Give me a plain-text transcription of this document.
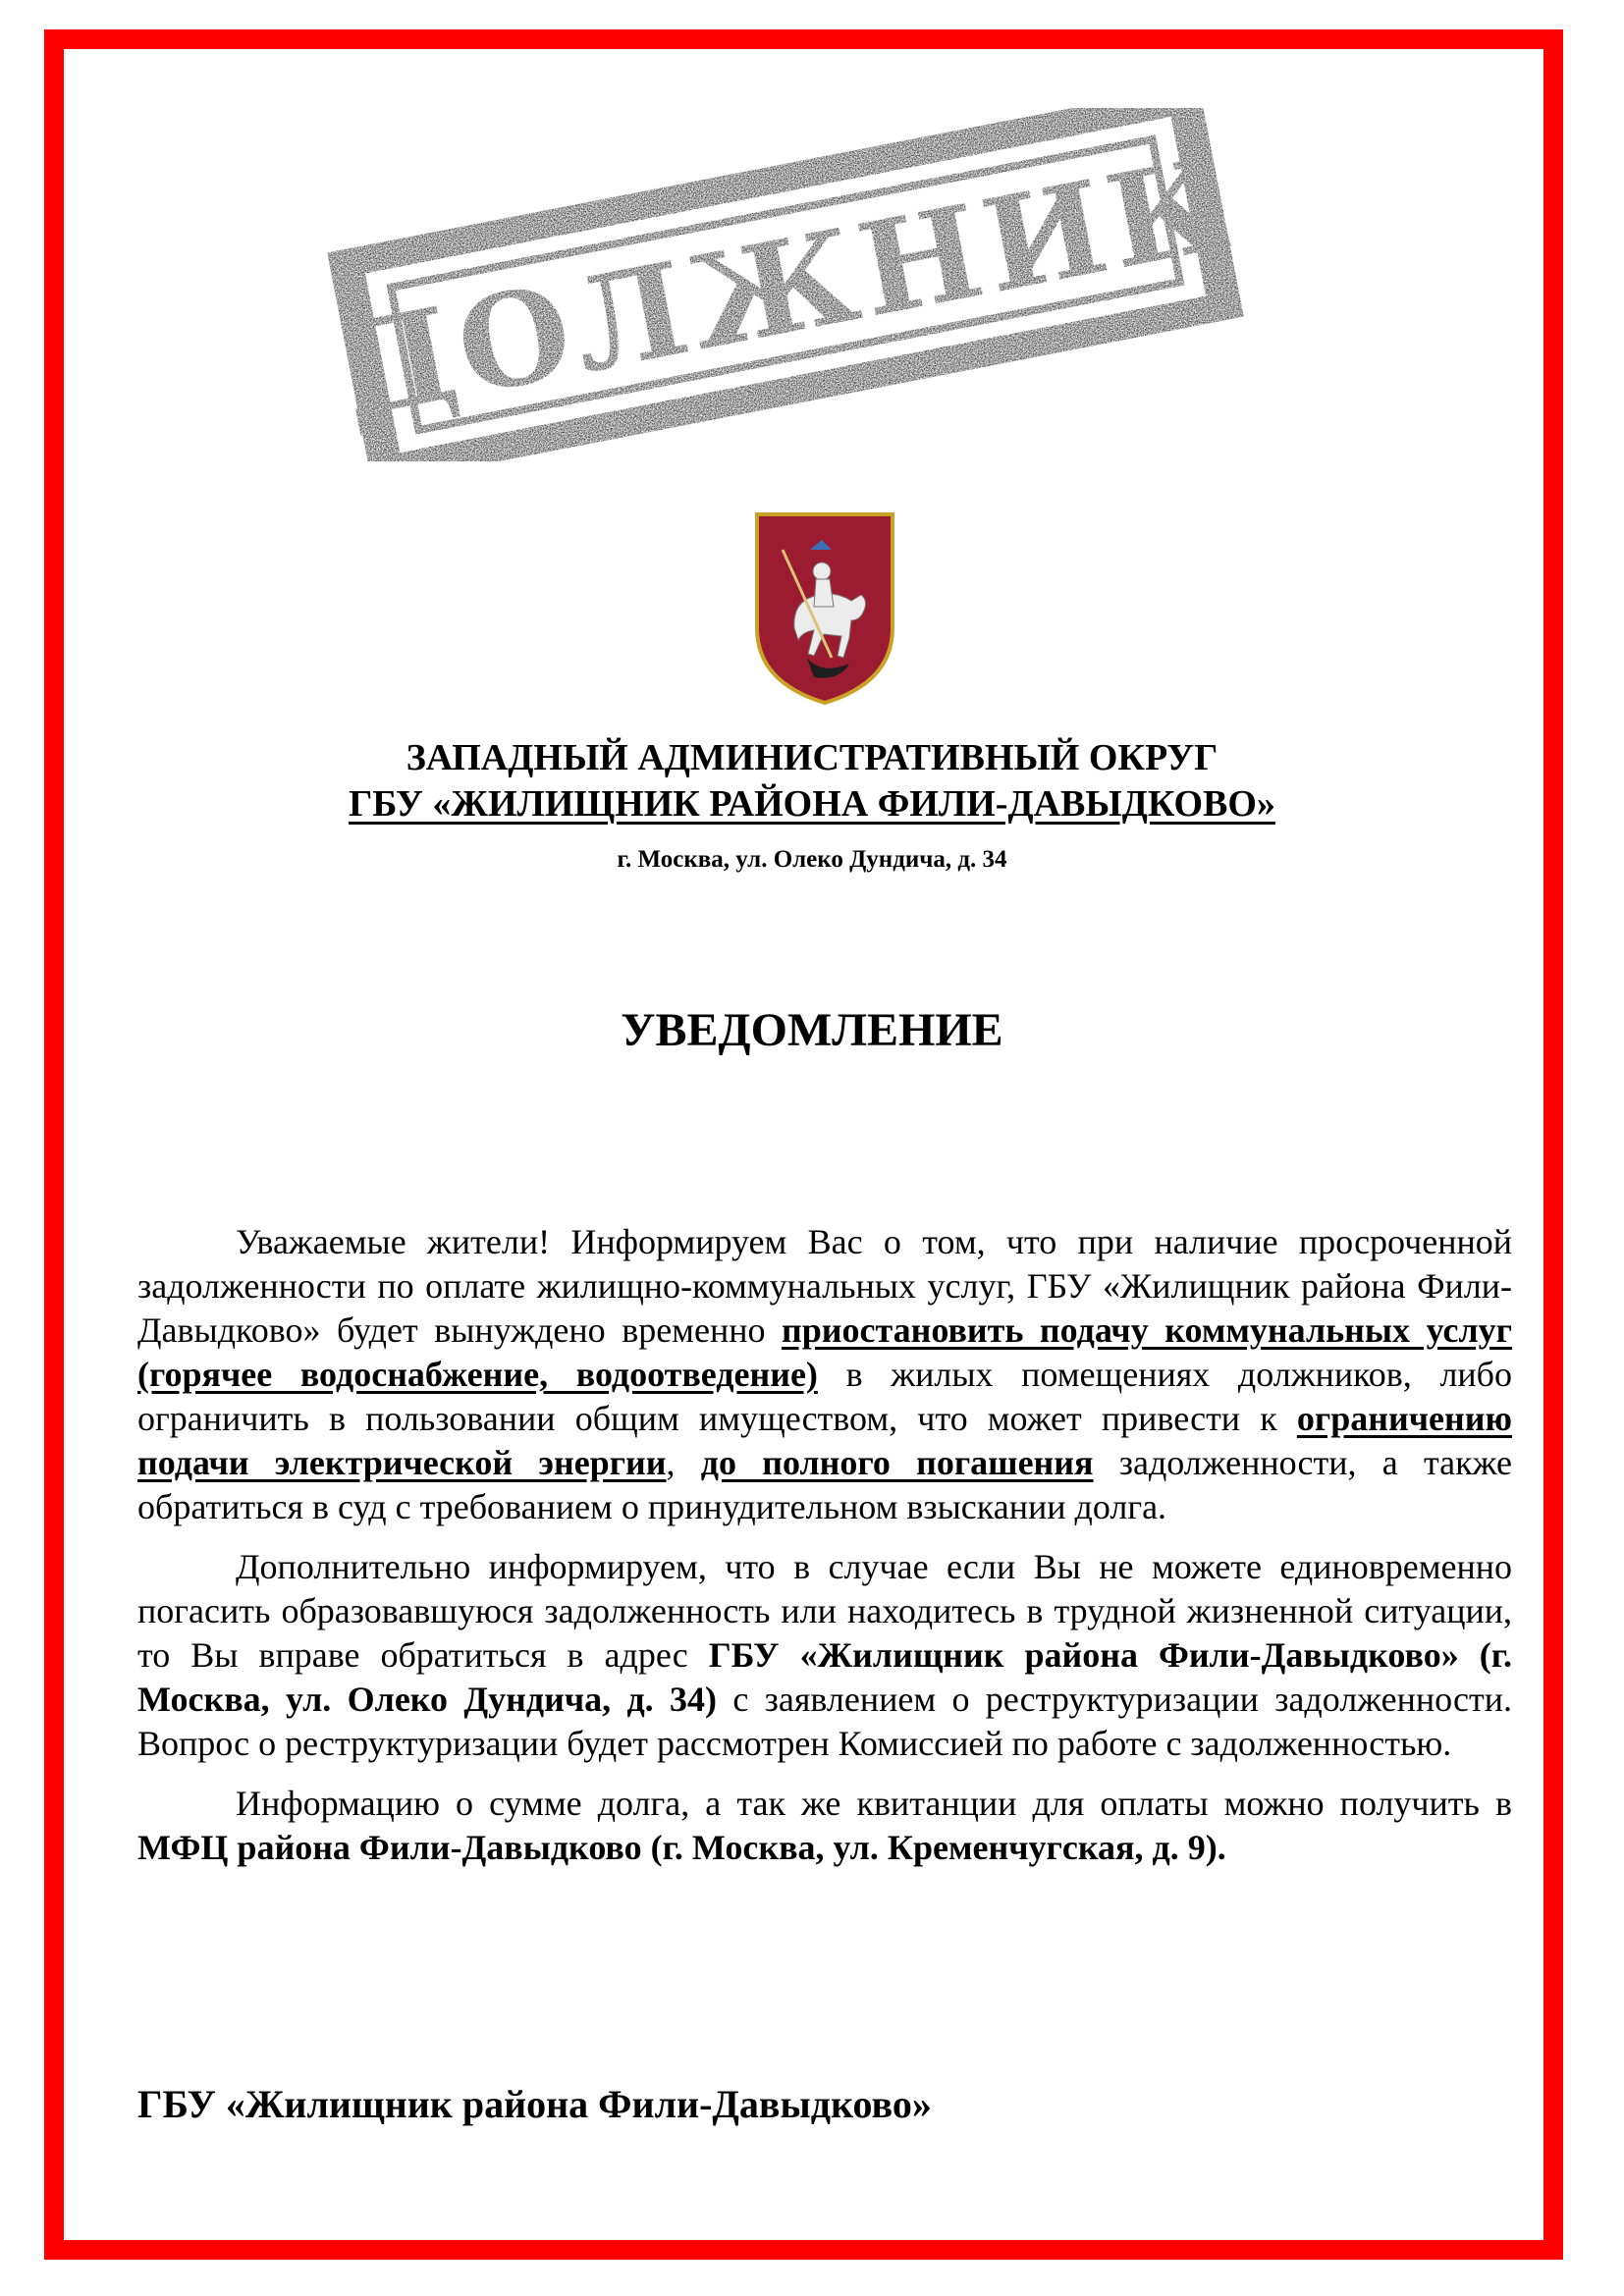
ДОЛЖНИК
ЗАПАДНЫЙ АДМИНИСТРАТИВНЫЙ ОКРУГ
ГБУ «ЖИЛИЩНИК РАЙОНА ФИЛИ-ДАВЫДКОВО»
г. Москва, ул. Олеко Дундича, д. 34
УВЕДОМЛЕНИЕ

Уважаемые жители! Информируем Вас о том, что при наличие просроченной задолженности по оплате жилищно-коммунальных услуг, ГБУ «Жилищник района Фили-Давыдково» будет вынуждено временно приостановить подачу коммунальных услуг (горячее водоснабжение, водоотведение) в жилых помещениях должников, либо ограничить в пользовании общим имуществом, что может привести к ограничению подачи электрической энергии, до полного погашения задолженности, а также обратиться в суд с требованием о принудительном взыскании долга.

Дополнительно информируем, что в случае если Вы не можете единовременно погасить образовавшуюся задолженность или находитесь в трудной жизненной ситуации, то Вы вправе обратиться в адрес ГБУ «Жилищник района Фили-Давыдково» (г. Москва, ул. Олеко Дундича, д. 34) с заявлением о реструктуризации задолженности. Вопрос о реструктуризации будет рассмотрен Комиссией по работе с задолженностью.

Информацию о сумме долга, а так же квитанции для оплаты можно получить в МФЦ района Фили-Давыдково (г. Москва, ул. Кременчугская, д. 9).

ГБУ «Жилищник района Фили-Давыдково»
